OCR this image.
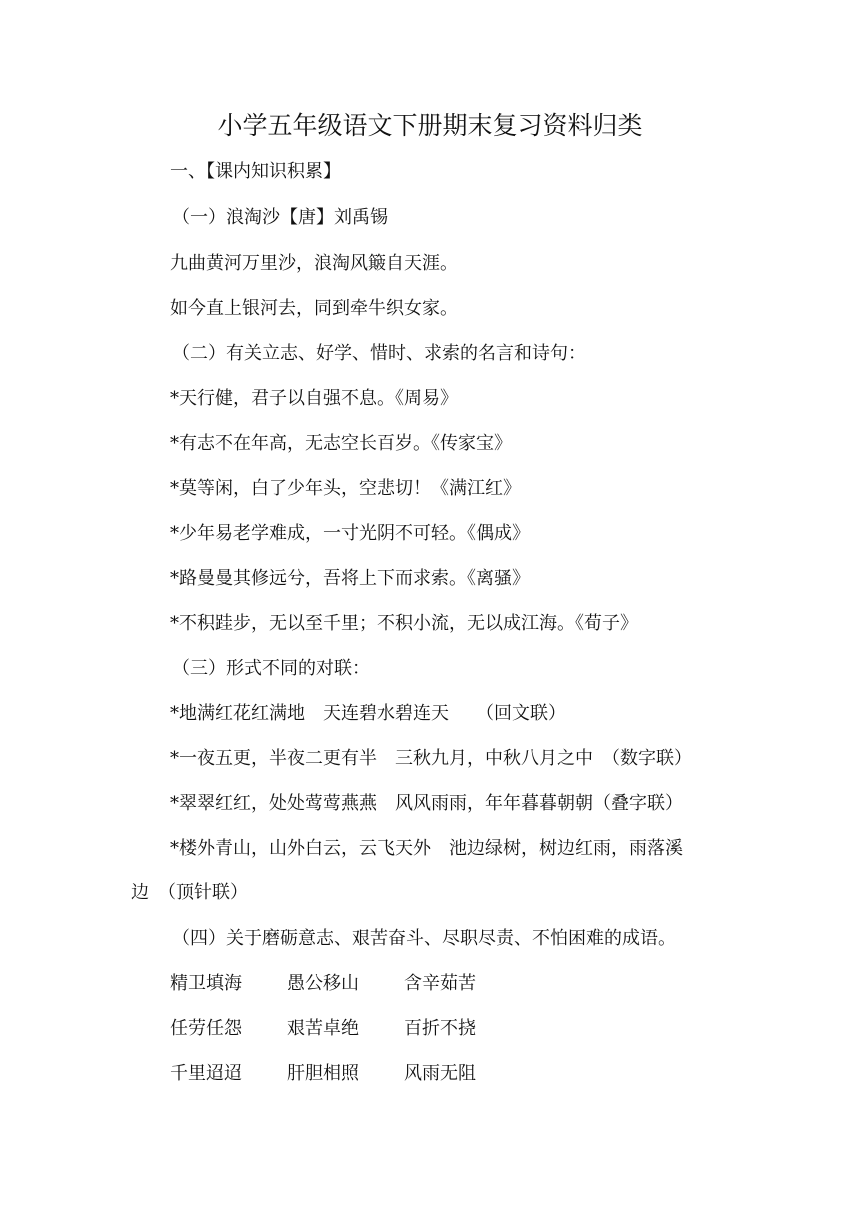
小学五年级语文下册期末复习资料归类
一、【课内知识积累】
（一）浪淘沙【唐】刘禹锡
九曲黄河万里沙，浪淘风簸自天涯。
如今直上银河去，同到牵牛织女家。
（二）有关立志、好学、惜时、求索的名言和诗句：
*天行健，君子以自强不息。《周易》
*有志不在年高，无志空长百岁。《传家宝》
*莫等闲，白了少年头，空悲切！《满江红》
*少年易老学难成，一寸光阴不可轻。《偶成》
*路曼曼其修远兮，吾将上下而求索。《离骚》
*不积跬步，无以至千里；不积小流，无以成江海。《荀子》
（三）形式不同的对联：
*地满红花红满地　天连碧水碧连天　　（回文联）
*一夜五更，半夜二更有半　三秋九月，中秋八月之中　（数字联）
*翠翠红红，处处莺莺燕燕　风风雨雨，年年暮暮朝朝（叠字联）
*楼外青山，山外白云，云飞天外　池边绿树，树边红雨，雨落溪
边　（顶针联）
（四）关于磨砺意志、艰苦奋斗、尽职尽责、不怕困难的成语。
精卫填海	愚公移山	含辛茹苦
任劳任怨	艰苦卓绝	百折不挠
千里迢迢	肝胆相照	风雨无阻
